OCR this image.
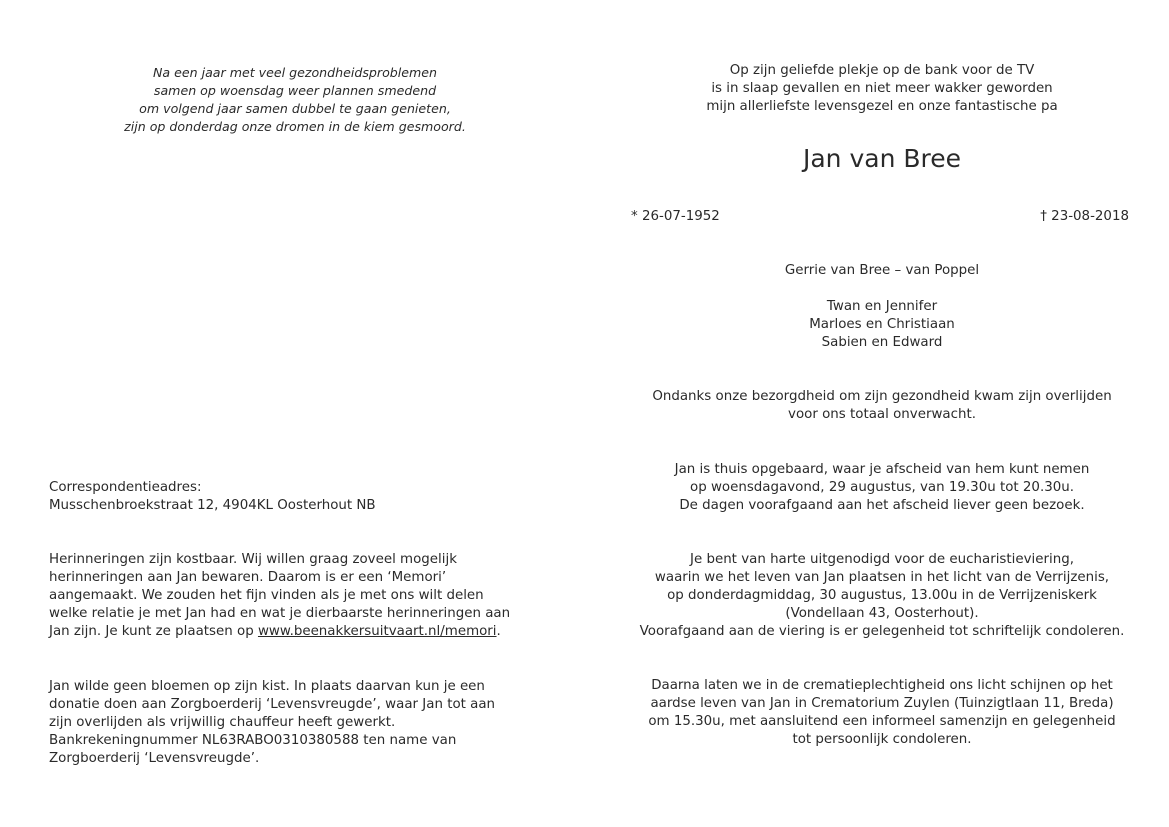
Na een jaar met veel gezondheidsproblemen
samen op woensdag weer plannen smedend
om volgend jaar samen dubbel te gaan genieten,
zijn op donderdag onze dromen in de kiem gesmoord.
Correspondentieadres:
Musschenbroekstraat 12, 4904KL Oosterhout NB
Herinneringen zijn kostbaar. Wij willen graag zoveel mogelijk
herinneringen aan Jan bewaren. Daarom is er een ‘Memori’
aangemaakt. We zouden het fijn vinden als je met ons wilt delen
welke relatie je met Jan had en wat je dierbaarste herinneringen aan
Jan zijn. Je kunt ze plaatsen op www.beenakkersuitvaart.nl/memori.
Jan wilde geen bloemen op zijn kist. In plaats daarvan kun je een
donatie doen aan Zorgboerderij ‘Levensvreugde’, waar Jan tot aan
zijn overlijden als vrijwillig chauffeur heeft gewerkt.
Bankrekeningnummer NL63RABO0310380588 ten name van
Zorgboerderij ‘Levensvreugde’.
Op zijn geliefde plekje op de bank voor de TV
is in slaap gevallen en niet meer wakker geworden
mijn allerliefste levensgezel en onze fantastische pa
Jan van Bree
* 26-07-1952	† 23-08-2018
Gerrie van Bree – van Poppel
Twan en Jennifer
Marloes en Christiaan
Sabien en Edward
Ondanks onze bezorgdheid om zijn gezondheid kwam zijn overlijden
voor ons totaal onverwacht.
Jan is thuis opgebaard, waar je afscheid van hem kunt nemen
op woensdagavond, 29 augustus, van 19.30u tot 20.30u.
De dagen voorafgaand aan het afscheid liever geen bezoek.
Je bent van harte uitgenodigd voor de eucharistieviering,
waarin we het leven van Jan plaatsen in het licht van de Verrijzenis,
op donderdagmiddag, 30 augustus, 13.00u in de Verrijzeniskerk
(Vondellaan 43, Oosterhout).
Voorafgaand aan de viering is er gelegenheid tot schriftelijk condoleren.
Daarna laten we in de crematieplechtigheid ons licht schijnen op het
aardse leven van Jan in Crematorium Zuylen (Tuinzigtlaan 11, Breda)
om 15.30u, met aansluitend een informeel samenzijn en gelegenheid
tot persoonlijk condoleren.
